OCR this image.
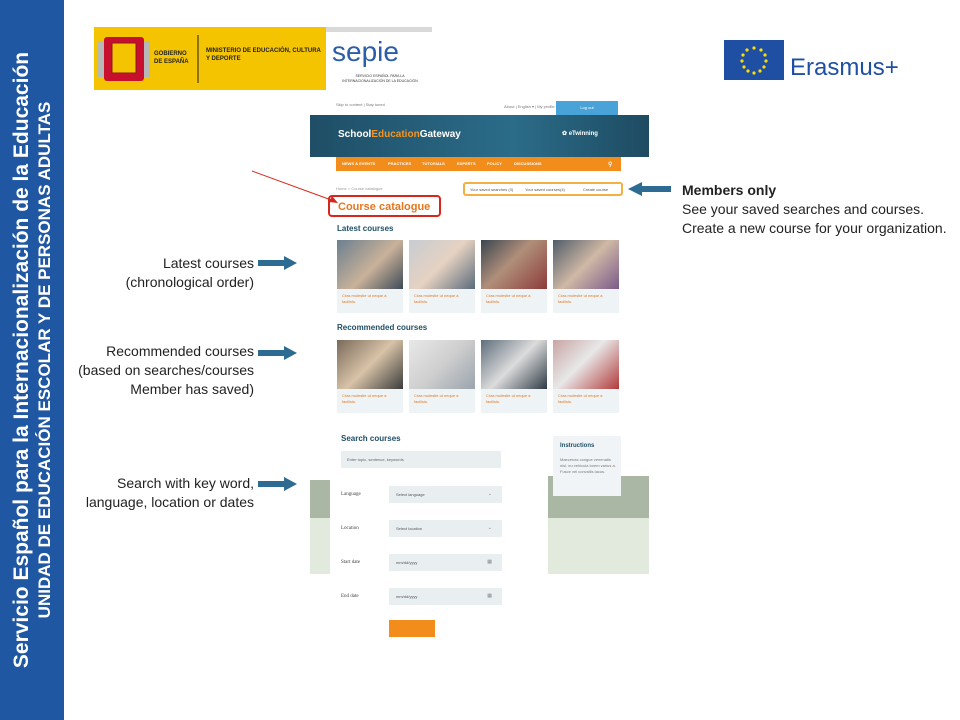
Servicio Español para la Internacionalización de la Educación UNIDAD DE EDUCACIÓN ESCOLAR Y DE PERSONAS ADULTAS
GOBIERNO DE ESPAÑA
MINISTERIO DE EDUCACIÓN, CULTURA Y DEPORTE	sepie
SERVICIO ESPAÑOL PARA LA INTERNACIONALIZACIÓN DE LA EDUCACIÓN	Erasmus+
Skip to content | Stay tuned	About | English ▾ | My profile	Log out
SchoolEducationGateway	✿ eTwinning
NEWS & EVENTS	PRACTICES	TUTORIALS	EXPERTS	POLICY	DISCUSSIONS	⚲
Home > Course catalogue	Your saved searches (3)	Your saved courses(4)	Create course
Course catalogue
Latest courses
Cras molestie ut neque a facilisis.
Cras molestie ut neque a facilisis.
Cras molestie ut neque a facilisis.
Cras molestie ut neque a facilisis.
Recommended courses
Cras molestie ut neque a facilisis.
Cras molestie ut neque a facilisis.
Cras molestie ut neque a facilisis.
Cras molestie ut neque a facilisis.
Search courses
Enter topic, sentence, keywords
Language	Select language	⌄
Location	Select location	⌄
Start date	mm/dd/yyyy	▦
End date	mm/dd/yyyy	▦
Instructions
Maecenas congue venenatis nisl, eu vehicula lorem varius a. Fusce vel convallis lacus.
Members only
See your saved searches and courses.
Create a new course for your organization.
Latest courses
(chronological order)
Recommended courses
(based on searches/courses
Member has saved)
Search with key word,
language, location or dates
